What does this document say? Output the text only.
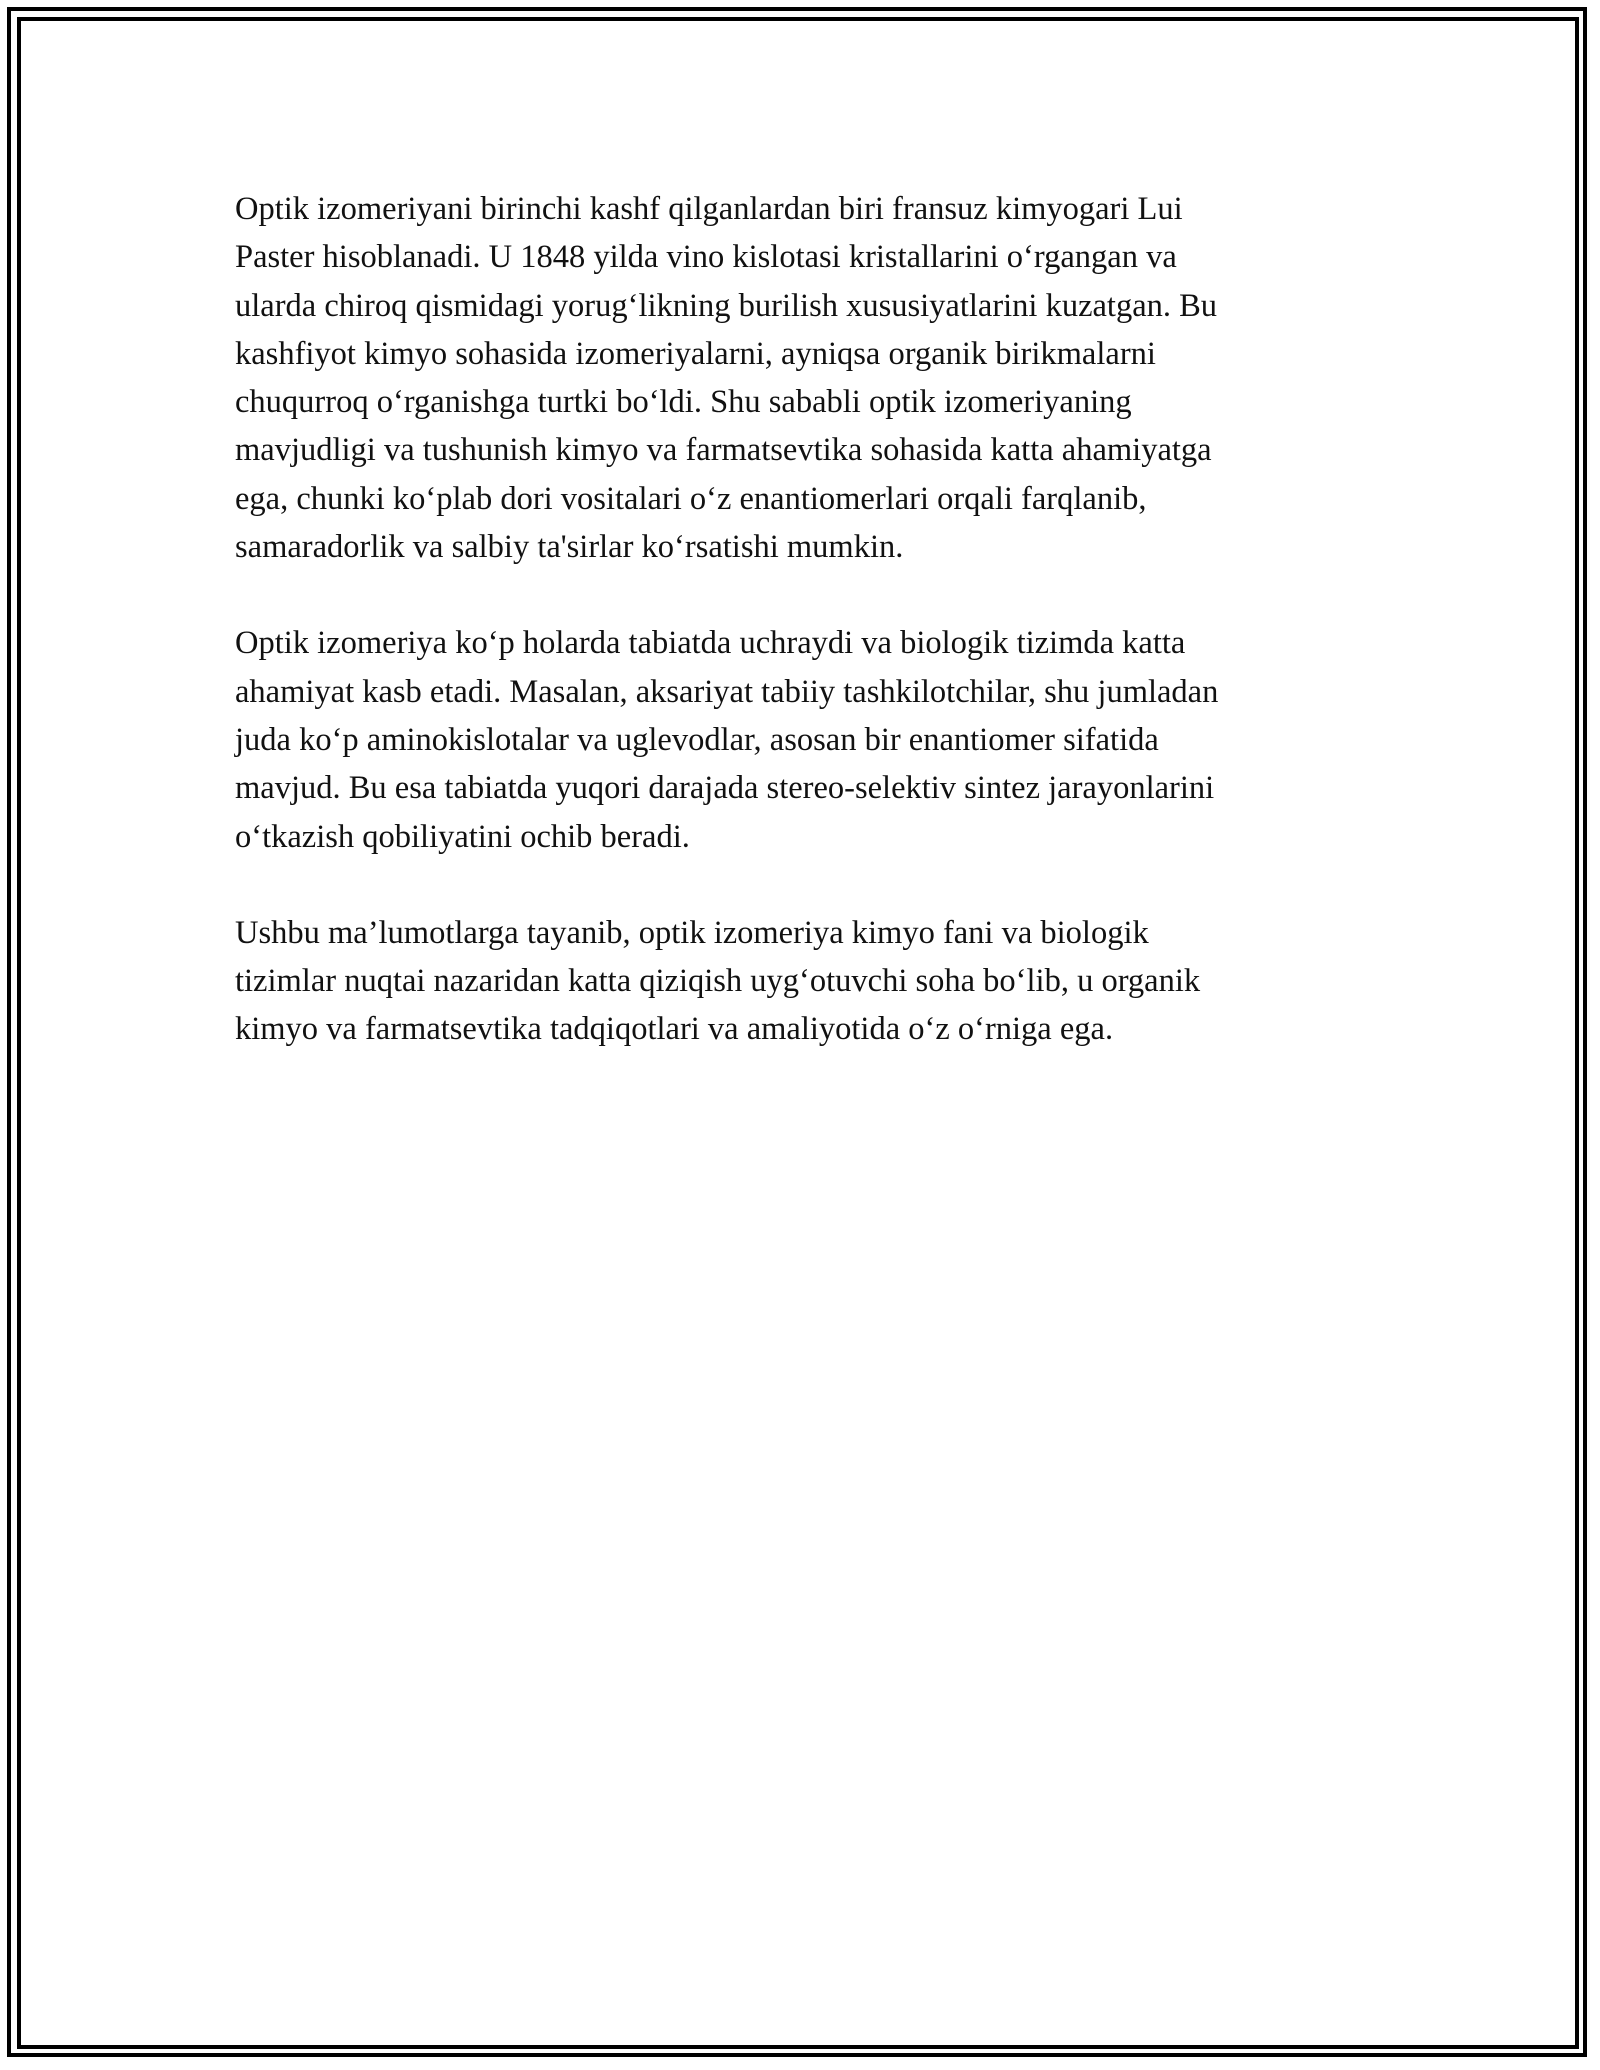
Optik izomeriyani birinchi kashf qilganlardan biri fransuz kimyogari Lui
Paster hisoblanadi. U 1848 yilda vino kislotasi kristallarini o‘rgangan va
ularda chiroq qismidagi yorug‘likning burilish xususiyatlarini kuzatgan. Bu
kashfiyot kimyo sohasida izomeriyalarni, ayniqsa organik birikmalarni
chuqurroq o‘rganishga turtki bo‘ldi. Shu sababli optik izomeriyaning
mavjudligi va tushunish kimyo va farmatsevtika sohasida katta ahamiyatga
ega, chunki ko‘plab dori vositalari o‘z enantiomerlari orqali farqlanib,
samaradorlik va salbiy ta'sirlar ko‘rsatishi mumkin.

Optik izomeriya ko‘p holarda tabiatda uchraydi va biologik tizimda katta
ahamiyat kasb etadi. Masalan, aksariyat tabiiy tashkilotchilar, shu jumladan
juda ko‘p aminokislotalar va uglevodlar, asosan bir enantiomer sifatida
mavjud. Bu esa tabiatda yuqori darajada stereo-selektiv sintez jarayonlarini
o‘tkazish qobiliyatini ochib beradi.

Ushbu ma’lumotlarga tayanib, optik izomeriya kimyo fani va biologik
tizimlar nuqtai nazaridan katta qiziqish uyg‘otuvchi soha bo‘lib, u organik
kimyo va farmatsevtika tadqiqotlari va amaliyotida o‘z o‘rniga ega.
